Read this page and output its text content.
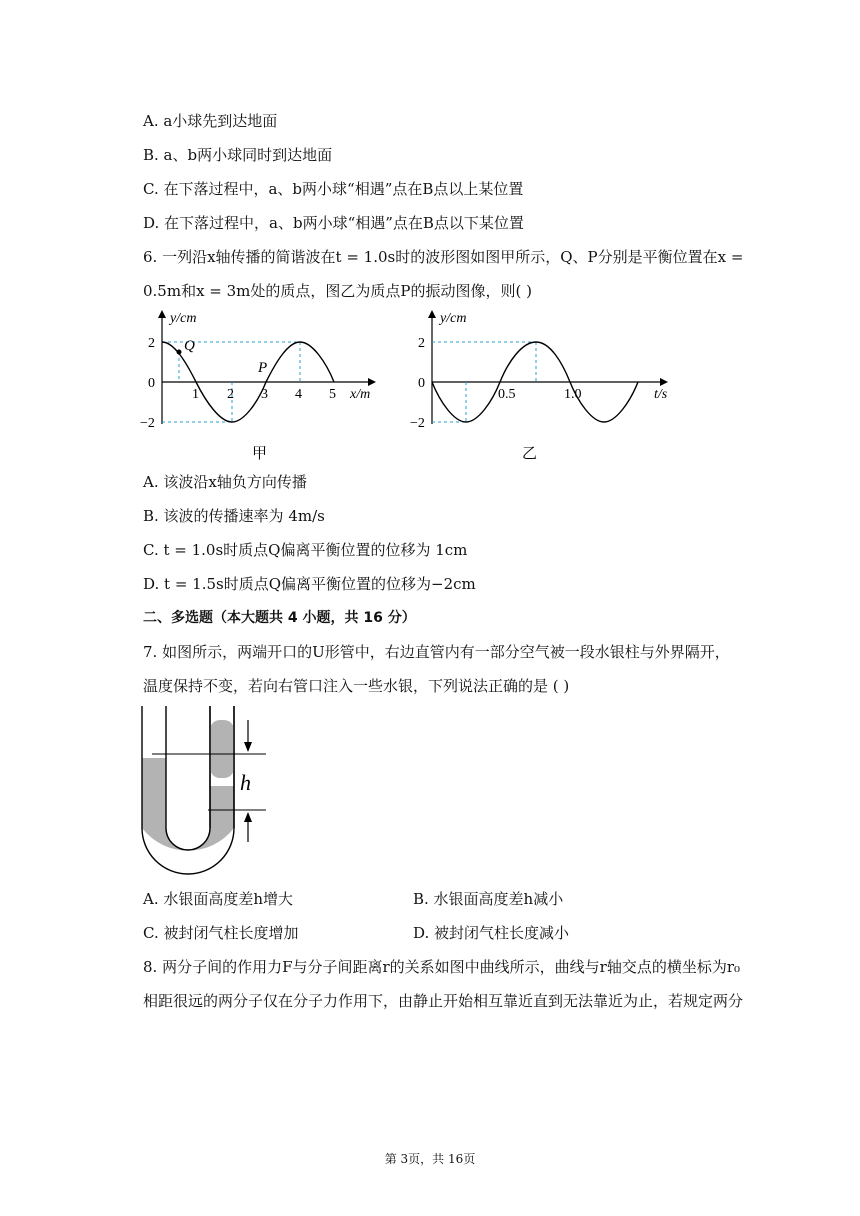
A. a小球先到达地面
B. a、b两小球同时到达地面
C. 在下落过程中，a、b两小球“相遇”点在B点以上某位置
D. 在下落过程中，a、b两小球“相遇”点在B点以下某位置
6. 一列沿x轴传播的简谐波在t = 1.0s时的波形图如图甲所示，Q、P分别是平衡位置在x =
0.5m和x = 3m处的质点，图乙为质点P的振动图像，则( )
y/cm
2
0
−2
1 2 3 4 5 x/m
Q
P
甲
y/cm
2
0
−2
0.5	1.0	t/s
乙
A. 该波沿x轴负方向传播
B. 该波的传播速率为 4m/s
C. t = 1.0s时质点Q偏离平衡位置的位移为 1cm
D. t = 1.5s时质点Q偏离平衡位置的位移为−2cm
二、多选题（本大题共 4 小题，共 16 分）
7. 如图所示，两端开口的U形管中，右边直管内有一部分空气被一段水银柱与外界隔开，
温度保持不变，若向右管口注入一些水银，下列说法正确的是 ( )
h
A. 水银面高度差h增大	B. 水银面高度差h减小
C. 被封闭气柱长度增加	D. 被封闭气柱长度减小
8. 两分子间的作用力F与分子间距离r的关系如图中曲线所示，曲线与r轴交点的横坐标为r₀
相距很远的两分子仅在分子力作用下，由静止开始相互靠近直到无法靠近为止，若规定两分
第 3页，共 16页
